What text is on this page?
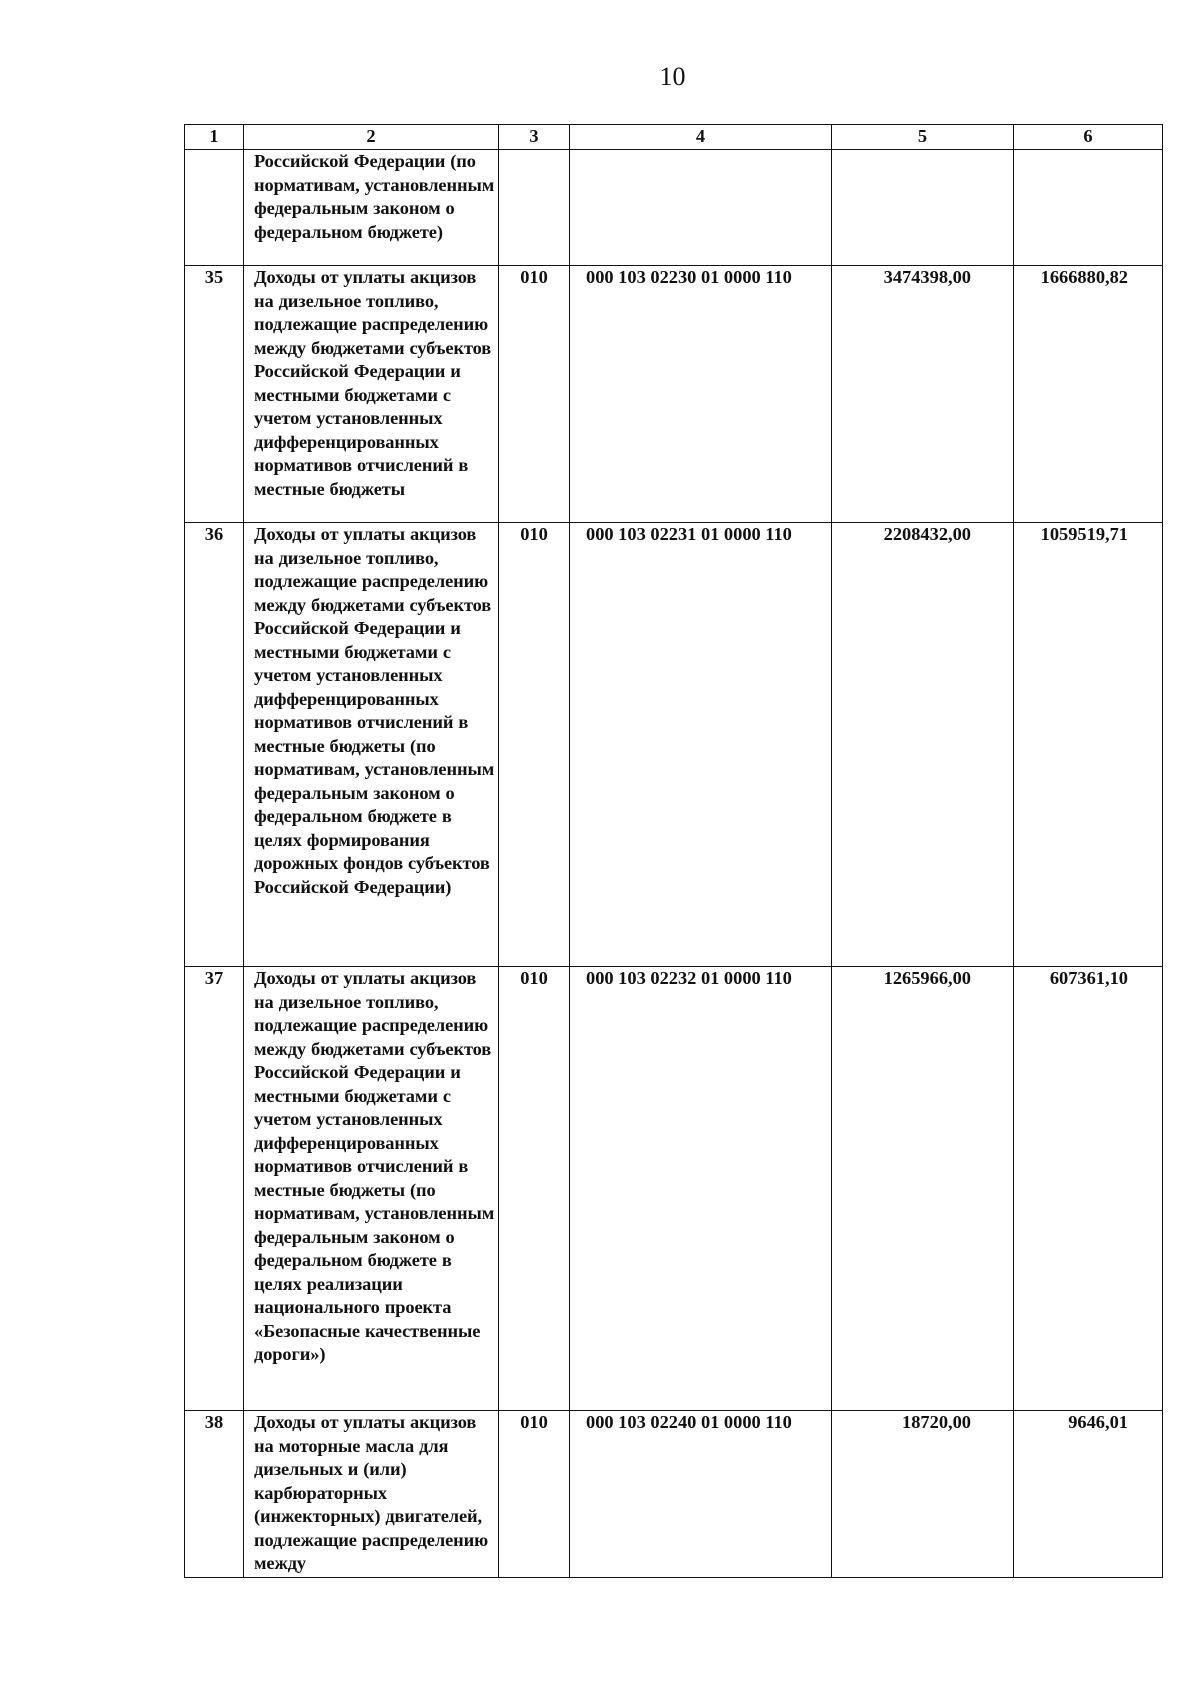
10
1	2	3	4	5	6
	Российской Федерации (по нормативам, установленным федеральным законом о федеральном бюджете)				
35	Доходы от уплаты акцизов на дизельное топливо, подлежащие распределению между бюджетами субъектов Российской Федерации и местными бюджетами с учетом установленных дифференцированных нормативов отчислений в местные бюджеты	010	000 103 02230 01 0000 110	3474398,00	1666880,82
36	Доходы от уплаты акцизов на дизельное топливо, подлежащие распределению между бюджетами субъектов Российской Федерации и местными бюджетами с учетом установленных дифференцированных нормативов отчислений в местные бюджеты (по нормативам, установленным федеральным законом о федеральном бюджете в целях формирования дорожных фондов субъектов Российской Федерации)	010	000 103 02231 01 0000 110	2208432,00	1059519,71
37	Доходы от уплаты акцизов на дизельное топливо, подлежащие распределению между бюджетами субъектов Российской Федерации и местными бюджетами с учетом установленных дифференцированных нормативов отчислений в местные бюджеты (по нормативам, установленным федеральным законом о федеральном бюджете в целях реализации национального проекта «Безопасные качественные дороги»)	010	000 103 02232 01 0000 110	1265966,00	607361,10
38	Доходы от уплаты акцизов на моторные масла для дизельных и (или) карбюраторных (инжекторных) двигателей, подлежащие распределению между	010	000 103 02240 01 0000 110	18720,00	9646,01
